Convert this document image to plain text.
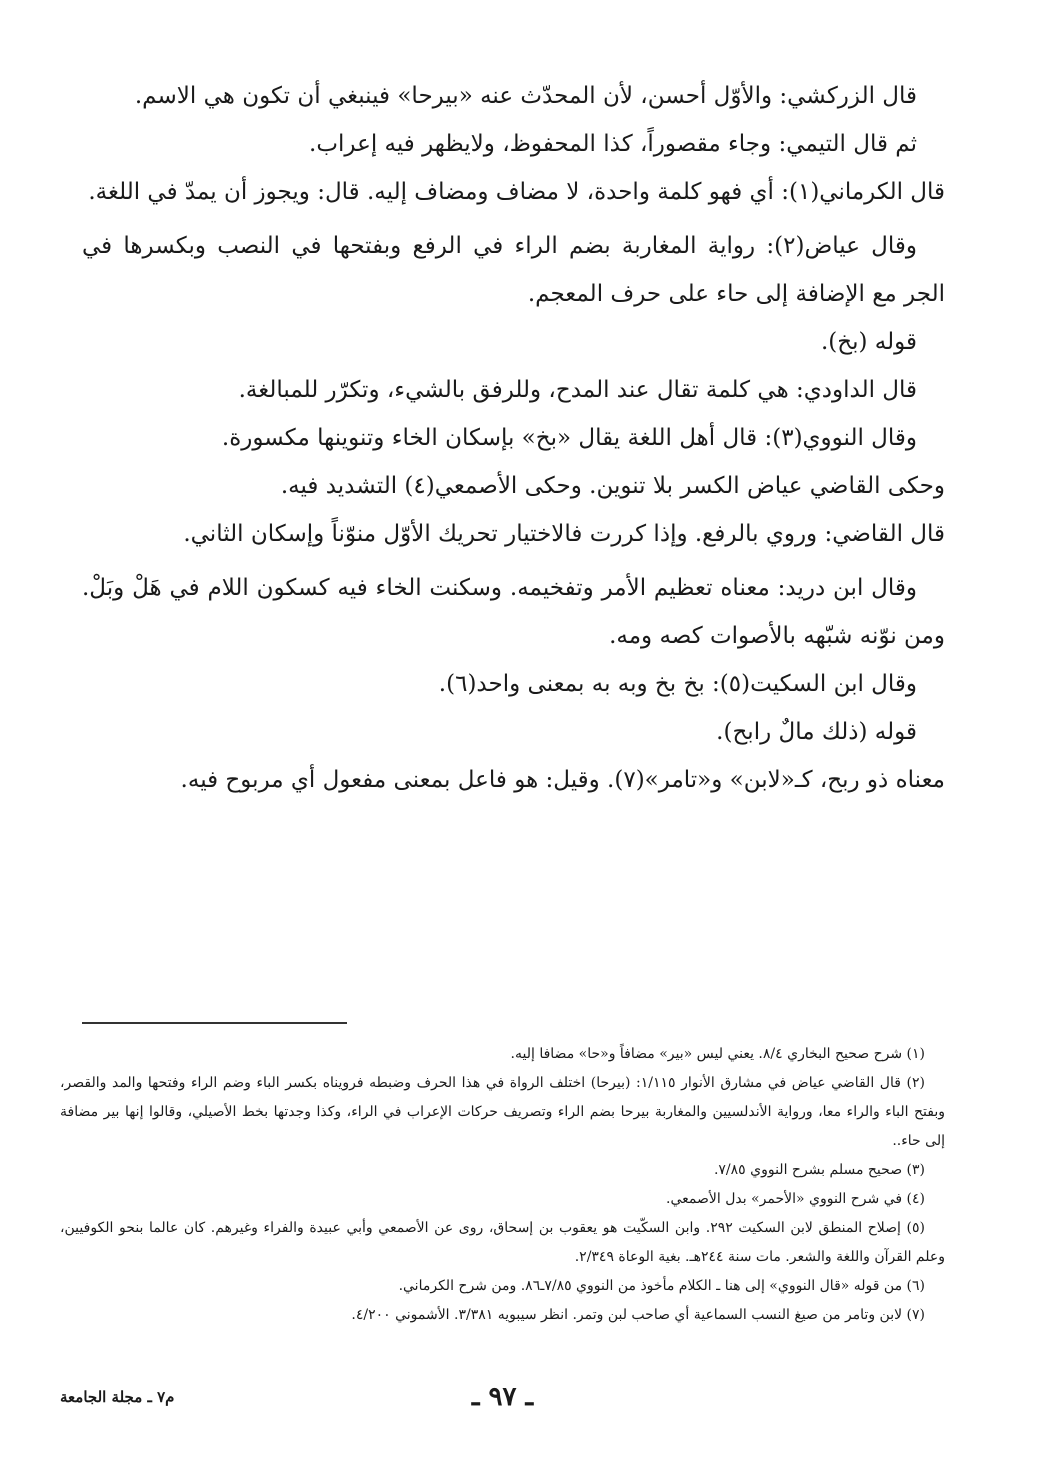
قال الزركشي: والأوّل أحسن، لأن المحدّث عنه «بيرحا» فينبغي أن تكون هي الاسم.

ثم قال التيمي: وجاء مقصوراً، كذا المحفوظ، ولايظهر فيه إعراب.

قال الكرماني(١): أي فهو كلمة واحدة، لا مضاف ومضاف إليه. قال: ويجوز أن يمدّ في اللغة.

وقال عياض(٢): رواية المغاربة بضم الراء في الرفع وبفتحها في النصب وبكسرها في الجر مع الإضافة إلى حاء على حرف المعجم.

قوله (بخ).

قال الداودي: هي كلمة تقال عند المدح، وللرفق بالشيء، وتكرّر للمبالغة.

وقال النووي(٣): قال أهل اللغة يقال «بخ» بإسكان الخاء وتنوينها مكسورة.

وحكى القاضي عياض الكسر بلا تنوين. وحكى الأصمعي(٤) التشديد فيه.

قال القاضي: وروي بالرفع. وإذا كررت فالاختيار تحريك الأوّل منوّناً وإسكان الثاني.

وقال ابن دريد: معناه تعظيم الأمر وتفخيمه. وسكنت الخاء فيه كسكون اللام في هَلْ وبَلْ. ومن نوّنه شبّهه بالأصوات كصه ومه.

وقال ابن السكيت(٥): بخ بخ وبه به بمعنى واحد(٦).

قوله (ذلك مالٌ رابح).

معناه ذو ربح، كـ«لابن» و«تامر»(٧). وقيل: هو فاعل بمعنى مفعول أي مربوح فيه.

(١) شرح صحيح البخاري ٨/٤. يعني ليس «بير» مضافاً و«حا» مضافا إليه.

(٢) قال القاضي عياض في مشارق الأنوار ١/١١٥: (بيرحا) اختلف الرواة في هذا الحرف وضبطه فرويناه بكسر الباء وضم الراء وفتحها والمد والقصر، وبفتح الباء والراء معا، ورواية الأندلسيين والمغاربة بيرحا بضم الراء وتصريف حركات الإعراب في الراء، وكذا وجدتها بخط الأصيلي، وقالوا إنها بير مضافة إلى حاء..

(٣) صحيح مسلم بشرح النووي ٧/٨٥.

(٤) في شرح النووي «الأحمر» بدل الأصمعي.

(٥) إصلاح المنطق لابن السكيت ٢٩٢. وابن السكّيت هو يعقوب بن إسحاق، روى عن الأصمعي وأبي عبيدة والفراء وغيرهم. كان عالما بنحو الكوفيين، وعلم القرآن واللغة والشعر. مات سنة ٢٤٤هـ. بغية الوعاة ٢/٣٤٩.

(٦) من قوله «قال النووي» إلى هنا ـ الكلام مأخوذ من النووي ٧/٨٥ـ٨٦. ومن شرح الكرماني.

(٧) لابن وتامر من صيغ النسب السماعية أي صاحب لبن وتمر. انظر سيبويه ٣/٣٨١. الأشموني ٤/٢٠٠.

ـ ٩٧ ـ
م٧ ـ مجلة الجامعة
